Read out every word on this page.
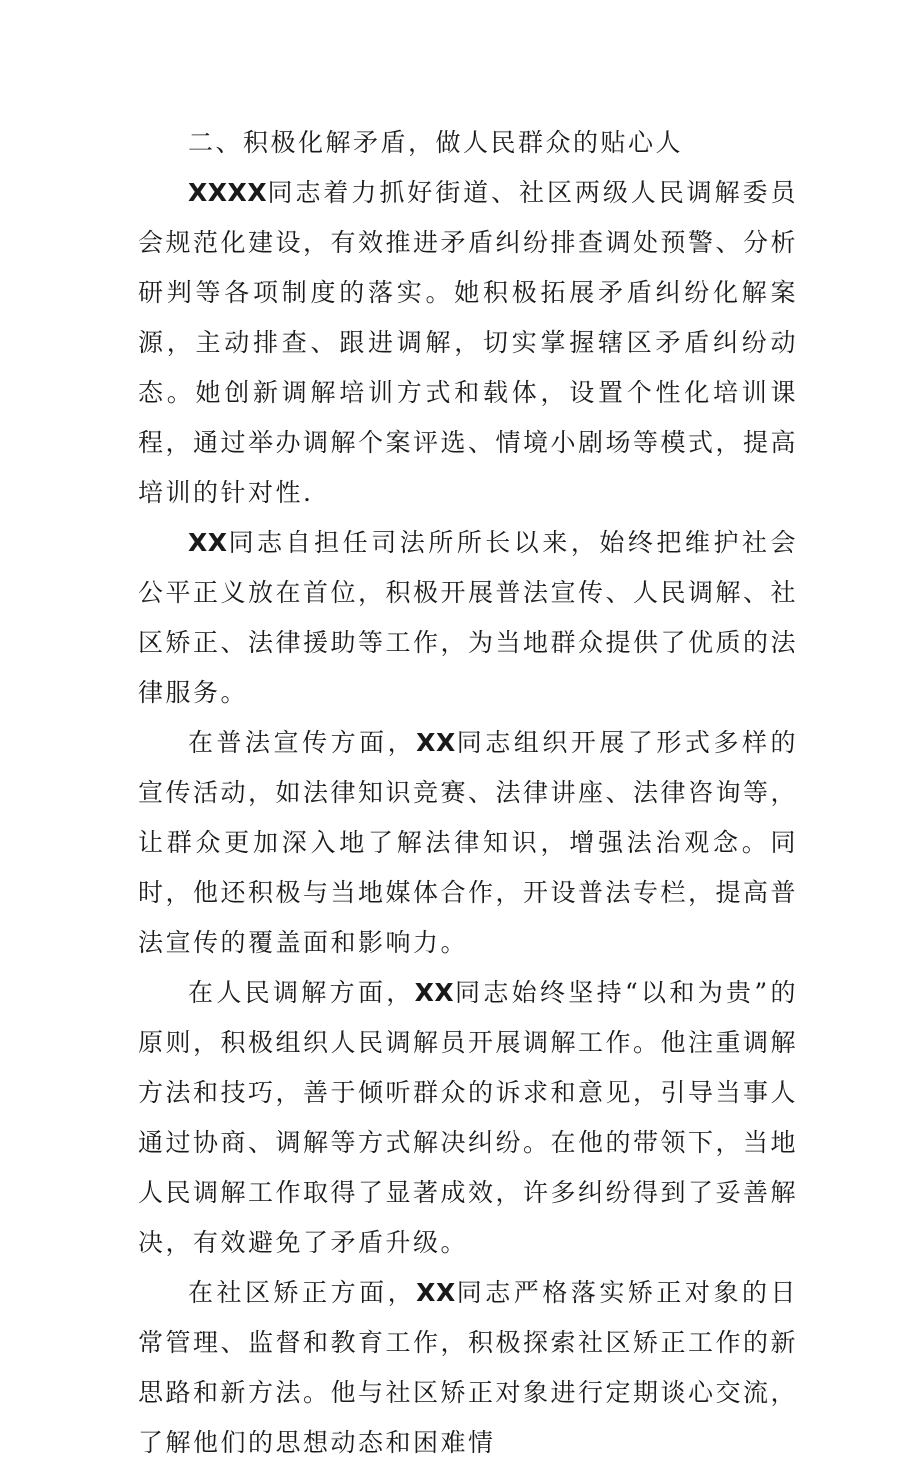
二、积极化解矛盾，做人民群众的贴心人

XXXX同志着力抓好街道、社区两级人民调解委员会规范化建设，有效推进矛盾纠纷排查调处预警、分析研判等各项制度的落实。她积极拓展矛盾纠纷化解案源，主动排查、跟进调解，切实掌握辖区矛盾纠纷动态。她创新调解培训方式和载体，设置个性化培训课程，通过举办调解个案评选、情境小剧场等模式，提高培训的针对性.

XX同志自担任司法所所长以来，始终把维护社会公平正义放在首位，积极开展普法宣传、人民调解、社区矫正、法律援助等工作，为当地群众提供了优质的法律服务。

在普法宣传方面，XX同志组织开展了形式多样的宣传活动，如法律知识竞赛、法律讲座、法律咨询等，让群众更加深入地了解法律知识，增强法治观念。同时，他还积极与当地媒体合作，开设普法专栏，提高普法宣传的覆盖面和影响力。

在人民调解方面，XX同志始终坚持“以和为贵”的原则，积极组织人民调解员开展调解工作。他注重调解方法和技巧，善于倾听群众的诉求和意见，引导当事人通过协商、调解等方式解决纠纷。在他的带领下，当地人民调解工作取得了显著成效，许多纠纷得到了妥善解决，有效避免了矛盾升级。

在社区矫正方面，XX同志严格落实矫正对象的日常管理、监督和教育工作，积极探索社区矫正工作的新思路和新方法。他与社区矫正对象进行定期谈心交流，了解他们的思想动态和困难情
